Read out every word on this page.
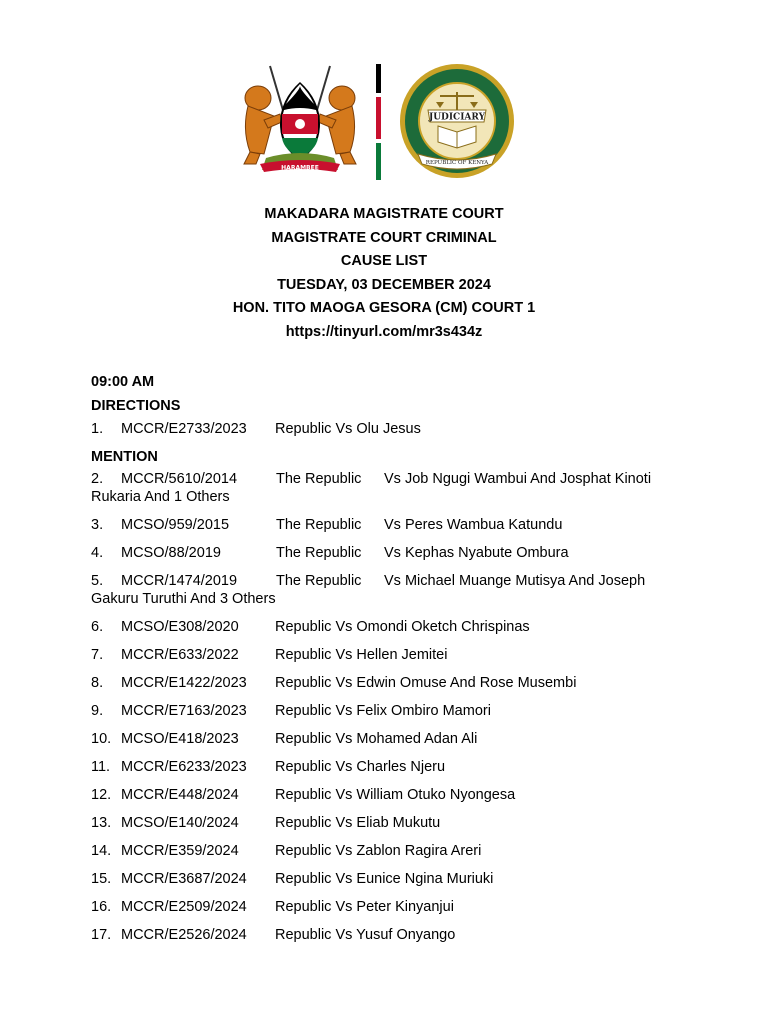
HARAMBEE
JUDICIARY
REPUBLIC OF KENYA
MAKADARA MAGISTRATE COURT
MAGISTRATE COURT CRIMINAL
CAUSE LIST
TUESDAY, 03 DECEMBER 2024
HON. TITO MAOGA GESORA (CM) COURT 1
https://tinyurl.com/mr3s434z
09:00 AM
DIRECTIONS
1.	MCCR/E2733/2023	Republic Vs Olu Jesus
MENTION
2.	MCCR/5610/2014	The Republic	Vs Job Ngugi Wambui And Josphat Kinoti
Rukaria And 1 Others
3.	MCSO/959/2015	The Republic	Vs Peres Wambua Katundu
4.	MCSO/88/2019	The Republic	Vs Kephas Nyabute Ombura
5.	MCCR/1474/2019	The Republic	Vs Michael Muange Mutisya And Joseph
Gakuru Turuthi And 3 Others
6.	MCSO/E308/2020	Republic Vs Omondi Oketch Chrispinas
7.	MCCR/E633/2022	Republic Vs Hellen Jemitei
8.	MCCR/E1422/2023	Republic Vs Edwin Omuse And Rose Musembi
9.	MCCR/E7163/2023	Republic Vs Felix Ombiro Mamori
10. MCSO/E418/2023	Republic Vs Mohamed Adan Ali
11. MCCR/E6233/2023	Republic Vs Charles Njeru
12. MCCR/E448/2024	Republic Vs William Otuko Nyongesa
13. MCSO/E140/2024	Republic Vs Eliab Mukutu
14. MCCR/E359/2024	Republic Vs Zablon Ragira Areri
15. MCCR/E3687/2024	Republic Vs Eunice Ngina Muriuki
16. MCCR/E2509/2024	Republic Vs Peter Kinyanjui
17. MCCR/E2526/2024	Republic Vs Yusuf Onyango
